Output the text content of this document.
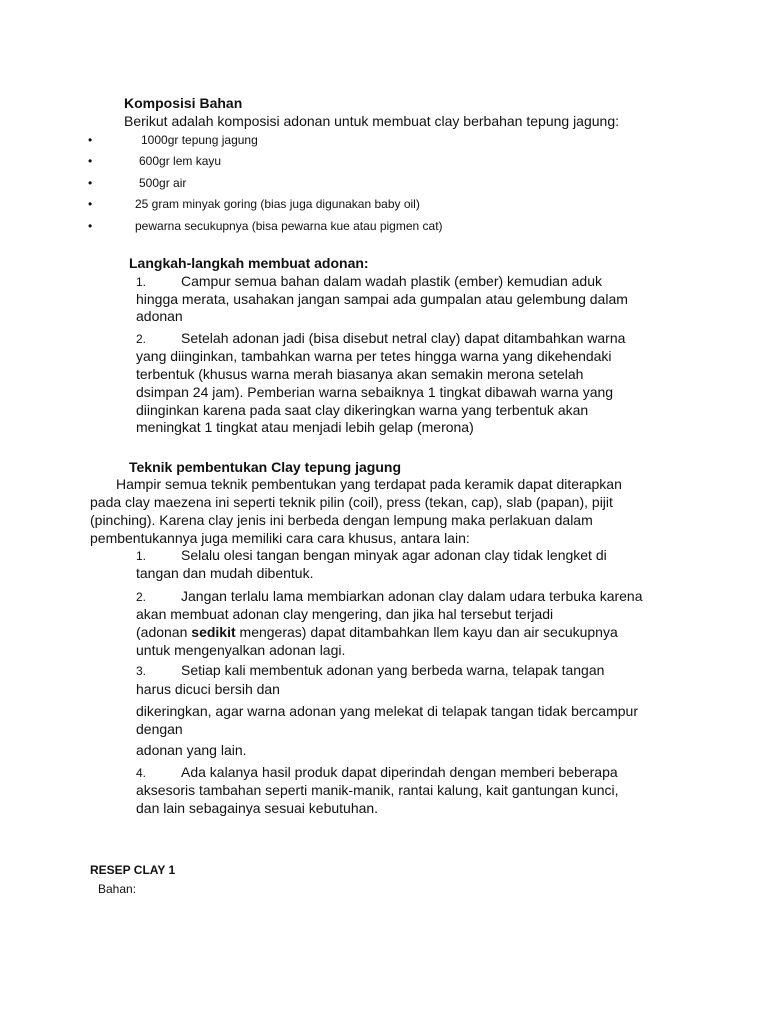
Komposisi Bahan
Berikut adalah komposisi adonan untuk membuat clay berbahan tepung jagung:
•	1000gr tepung jagung
•	600gr lem kayu
•	500gr air
•	25 gram minyak goring (bias juga digunakan baby oil)
•	pewarna secukupnya (bisa pewarna kue atau pigmen cat)
Langkah-langkah membuat adonan:
1. Campur semua bahan dalam wadah plastik (ember) kemudian aduk
hingga merata, usahakan jangan sampai ada gumpalan atau gelembung dalam
adonan
2. Setelah adonan jadi (bisa disebut netral clay) dapat ditambahkan warna
yang diinginkan, tambahkan warna per tetes hingga warna yang dikehendaki
terbentuk (khusus warna merah biasanya akan semakin merona setelah
dsimpan 24 jam). Pemberian warna sebaiknya 1 tingkat dibawah warna yang
diinginkan karena pada saat clay dikeringkan warna yang terbentuk akan
meningkat 1 tingkat atau menjadi lebih gelap (merona)
Teknik pembentukan Clay tepung jagung
Hampir semua teknik pembentukan yang terdapat pada keramik dapat diterapkan
pada clay maezena ini seperti teknik pilin (coil), press (tekan, cap), slab (papan), pijit
(pinching). Karena clay jenis ini berbeda dengan lempung maka perlakuan dalam
pembentukannya juga memiliki cara cara khusus, antara lain:
1. Selalu olesi tangan bengan minyak agar adonan clay tidak lengket di
tangan dan mudah dibentuk.
2. Jangan terlalu lama membiarkan adonan clay dalam udara terbuka karena
akan membuat adonan clay mengering, dan jika hal tersebut terjadi
(adonan sedikit mengeras) dapat ditambahkan llem kayu dan air secukupnya
untuk mengenyalkan adonan lagi.
3. Setiap kali membentuk adonan yang berbeda warna, telapak tangan
harus dicuci bersih dan
dikeringkan, agar warna adonan yang melekat di telapak tangan tidak bercampur
dengan
adonan yang lain.
4. Ada kalanya hasil produk dapat diperindah dengan memberi beberapa
aksesoris tambahan seperti manik-manik, rantai kalung, kait gantungan kunci,
dan lain sebagainya sesuai kebutuhan.
RESEP CLAY 1
Bahan:
